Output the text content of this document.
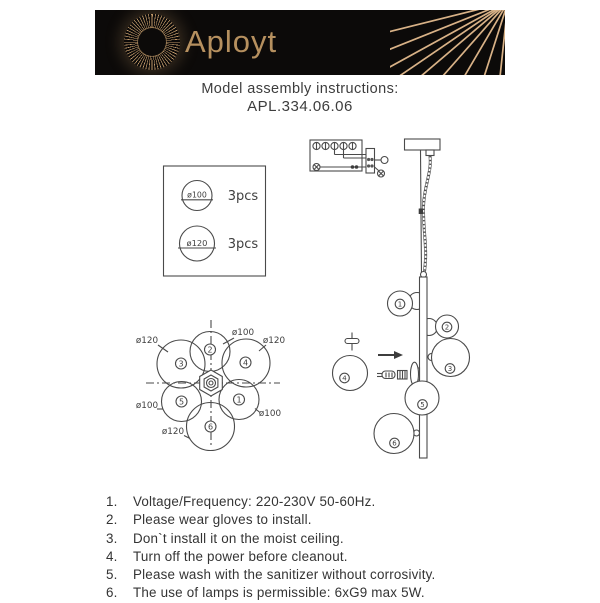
Aployt
Model assembly instructions:
APL.334.06.06
ø100 3pcs
ø120 3pcs
1
2
3
5
6
4
3
2
4
5	1
6
ø120
ø100
ø120
ø100
ø100
ø120
1.	Voltage/Frequency: 220-230V 50-60Hz.
2.	Please wear gloves to install.
3.	Don`t install it on the moist ceiling.
4.	Turn off the power before cleanout.
5.	Please wash with the sanitizer without corrosivity.
6.	The use of lamps is permissible: 6xG9 max 5W.
